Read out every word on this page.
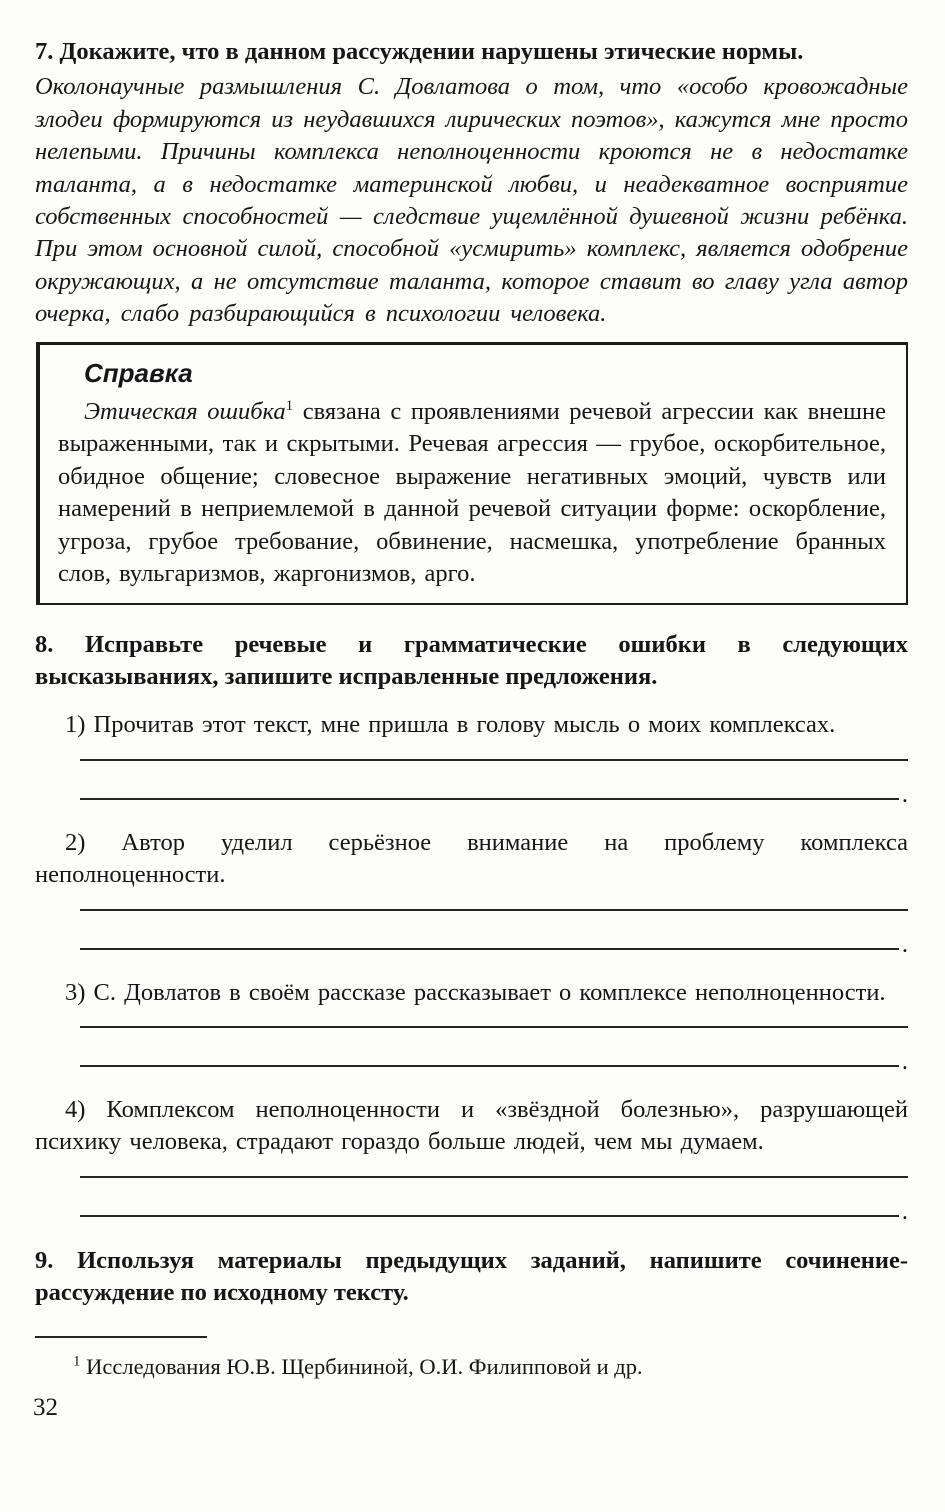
7. Докажите, что в данном рассуждении нарушены этические нормы.

Околонаучные размышления С. Довлатова о том, что «особо кровожадные злодеи формируются из неудавшихся лирических поэтов», кажутся мне просто нелепыми. Причины комплекса неполноценности кроются не в недостатке таланта, а в недостатке материнской любви, и неадекватное восприятие собственных способностей — следствие ущемлённой душевной жизни ребёнка. При этом основной силой, способной «усмирить» комплекс, является одобрение окружающих, а не отсутствие таланта, которое ставит во главу угла автор очерка, слабо разбирающийся в психологии человека.

Справка

Этическая ошибка$^1$ связана с проявлениями речевой агрессии как внешне выраженными, так и скрытыми. Речевая агрессия — грубое, оскорбительное, обидное общение; словесное выражение негативных эмоций, чувств или намерений в неприемлемой в данной речевой ситуации форме: оскорбление, угроза, грубое требование, обвинение, насмешка, употребление бранных слов, вульгаризмов, жаргонизмов, арго.

8. Исправьте речевые и грамматические ошибки в следующих высказываниях, запишите исправленные предложения.

1) Прочитав этот текст, мне пришла в голову мысль о моих комплексах.

.

2) Автор уделил серьёзное внимание на проблему комплекса неполноценности.

.

3) С. Довлатов в своём рассказе рассказывает о комплексе неполноценности.

.

4) Комплексом неполноценности и «звёздной болезнью», разрушающей психику человека, страдают гораздо больше людей, чем мы думаем.

.

9. Используя материалы предыдущих заданий, напишите сочинение-рассуждение по исходному тексту.

$^1$ Исследования Ю.В. Щербининой, О.И. Филипповой и др.

32
